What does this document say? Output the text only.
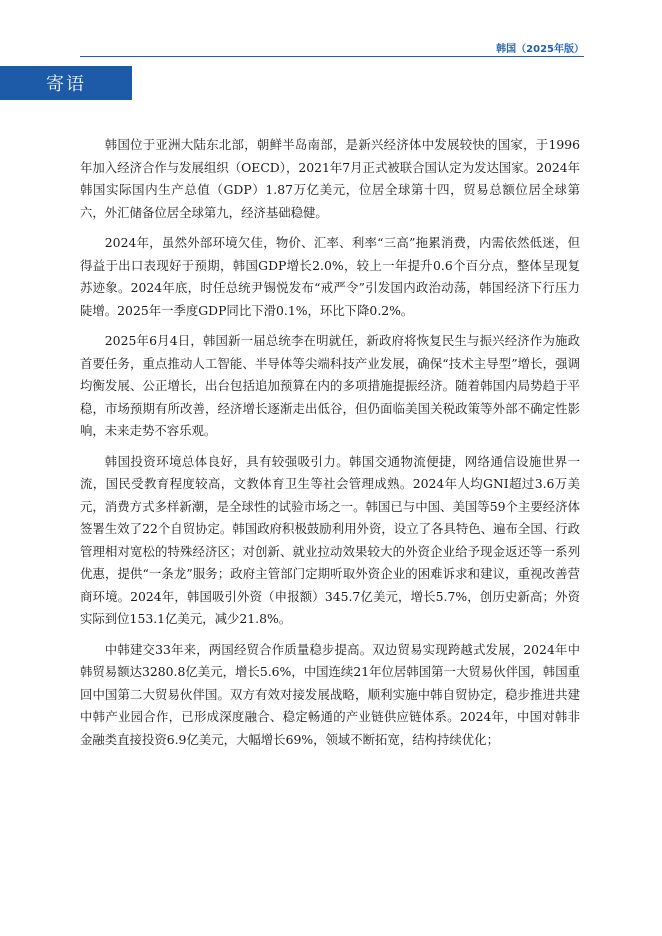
韩国（2025年版）
寄语

韩国位于亚洲大陆东北部，朝鲜半岛南部，是新兴经济体中发展较快的国家，于1996年加入经济合作与发展组织（OECD），2021年7月正式被联合国认定为发达国家。2024年韩国实际国内生产总值（GDP）1.87万亿美元，位居全球第十四，贸易总额位居全球第六，外汇储备位居全球第九，经济基础稳健。

2024年，虽然外部环境欠佳，物价、汇率、利率“三高”拖累消费，内需依然低迷，但得益于出口表现好于预期，韩国GDP增长2.0%，较上一年提升0.6个百分点，整体呈现复苏迹象。2024年底，时任总统尹锡悦发布“戒严令”引发国内政治动荡，韩国经济下行压力陡增。2025年一季度GDP同比下滑0.1%，环比下降0.2%。

2025年6月4日，韩国新一届总统李在明就任，新政府将恢复民生与振兴经济作为施政首要任务，重点推动人工智能、半导体等尖端科技产业发展，确保“技术主导型”增长，强调均衡发展、公正增长，出台包括追加预算在内的多项措施提振经济。随着韩国内局势趋于平稳，市场预期有所改善，经济增长逐渐走出低谷，但仍面临美国关税政策等外部不确定性影响，未来走势不容乐观。

韩国投资环境总体良好，具有较强吸引力。韩国交通物流便捷，网络通信设施世界一流，国民受教育程度较高，文教体育卫生等社会管理成熟。2024年人均GNI超过3.6万美元，消费方式多样新潮，是全球性的试验市场之一。韩国已与中国、美国等59个主要经济体签署生效了22个自贸协定。韩国政府积极鼓励利用外资，设立了各具特色、遍布全国、行政管理相对宽松的特殊经济区；对创新、就业拉动效果较大的外资企业给予现金返还等一系列优惠，提供“一条龙”服务；政府主管部门定期听取外资企业的困难诉求和建议，重视改善营商环境。2024年，韩国吸引外资（申报额）345.7亿美元，增长5.7%，创历史新高；外资实际到位153.1亿美元，减少21.8%。

中韩建交33年来，两国经贸合作质量稳步提高。双边贸易实现跨越式发展，2024年中韩贸易额达3280.8亿美元，增长5.6%，中国连续21年位居韩国第一大贸易伙伴国，韩国重回中国第二大贸易伙伴国。双方有效对接发展战略，顺利实施中韩自贸协定，稳步推进共建中韩产业园合作，已形成深度融合、稳定畅通的产业链供应链体系。2024年，中国对韩非金融类直接投资6.9亿美元，大幅增长69%，领域不断拓宽，结构持续优化；
